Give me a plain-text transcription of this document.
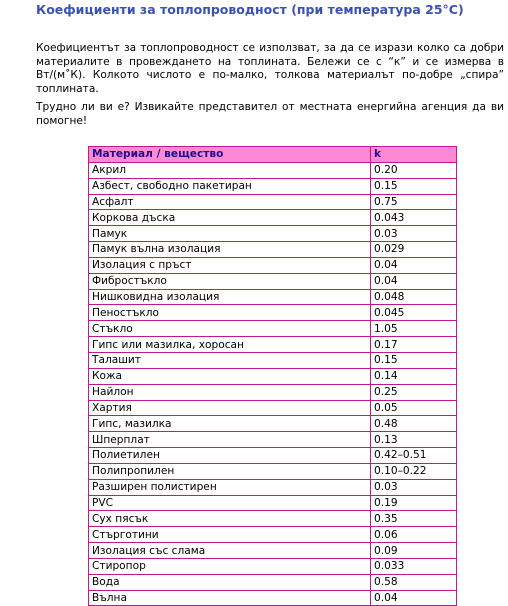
Коефициенти за топлопроводност (при температура 25°С)
Коефициентът за топлопроводност се използват, за да се изрази колко са добри материалите в провеждането на топлината. Бележи се с “к” и се измерва в Вт/(м˚К). Колкото числото е по-малко, толкова материалът по-добре „спира” топлината.
Трудно ли ви е? Извикайте представител от местната енергийна агенция да ви помогне!
Материал / вещество	k
Акрил	0.20
Азбест, свободно пакетиран	0.15
Асфалт	0.75
Коркова дъска	0.043
Памук	0.03
Памук вълна изолация	0.029
Изолация с пръст	0.04
Фибростъкло	0.04
Нишковидна изолация	0.048
Пеностъкло	0.045
Стъкло	1.05
Гипс или мазилка, хоросан	0.17
Талашит	0.15
Кожа	0.14
Найлон	0.25
Хартия	0.05
Гипс, мазилка	0.48
Шперплат	0.13
Полиетилен	0.42–0.51
Полипропилен	0.10–0.22
Разширен полистирен	0.03
PVC	0.19
Сух пясък	0.35
Стърготини	0.06
Изолация със слама	0.09
Стиропор	0.033
Вода	0.58
Вълна	0.04
